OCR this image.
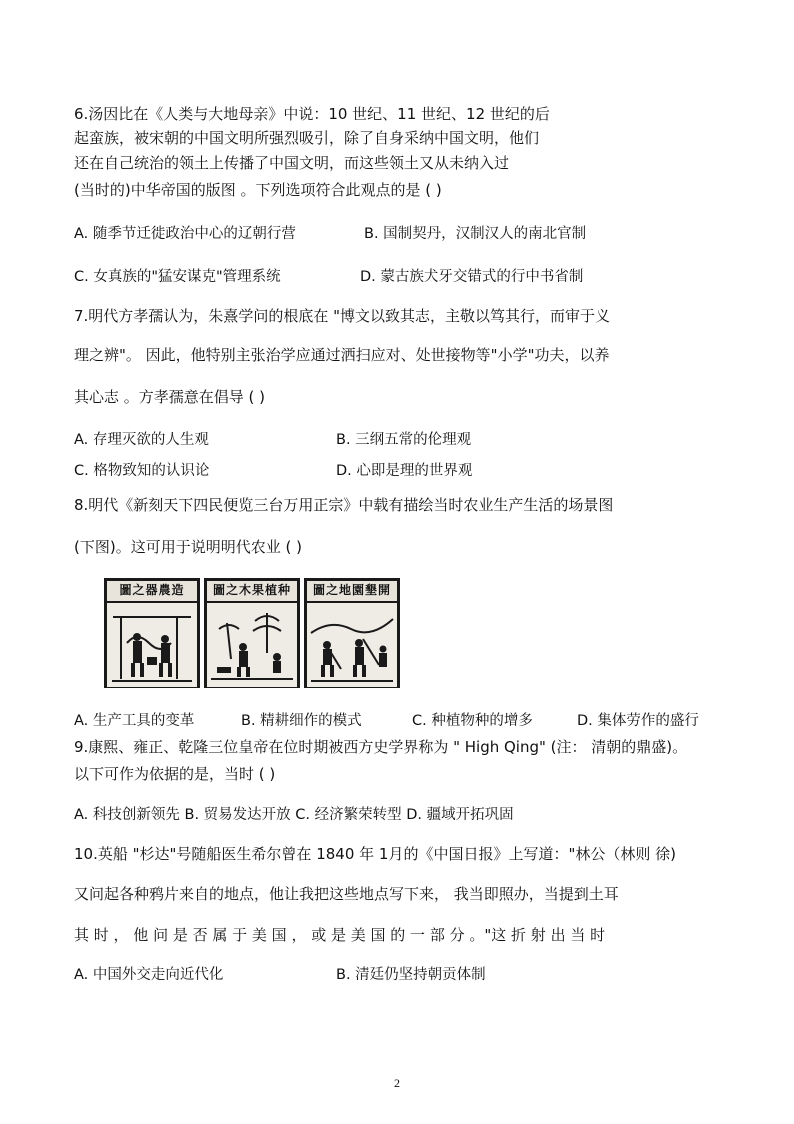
6.汤因比在《人类与大地母亲》中说：10 世纪、11 世纪、12 世纪的后
起蛮族，被宋朝的中国文明所强烈吸引，除了自身采纳中国文明，他们
还在自己统治的领土上传播了中国文明，而这些领土又从未纳入过
(当时的)中华帝国的版图 。下列选项符合此观点的是 ( )
A. 随季节迁徙政治中心的辽朝行营	B. 国制契丹，汉制汉人的南北官制
C. 女真族的"猛安谋克"管理系统	D. 蒙古族犬牙交错式的行中书省制
7.明代方孝孺认为，朱熹学问的根底在 "博文以致其志，主敬以笃其行，而审于义
理之辨"。 因此，他特别主张治学应通过洒扫应对、处世接物等"小学"功夫，以养
其心志 。方孝孺意在倡导 ( )
A. 存理灭欲的人生观	B. 三纲五常的伦理观
C. 格物致知的认识论	D. 心即是理的世界观
8.明代《新刻天下四民便览三台万用正宗》中载有描绘当时农业生产生活的场景图
(下图)。这可用于说明明代农业 ( )
圖之器農造	圖之木果植种	圖之地園墾開
A. 生产工具的变革	B. 精耕细作的模式	C. 种植物种的增多	D. 集体劳作的盛行
9.康熙、雍正、乾隆三位皇帝在位时期被西方史学界称为 " High Qing" (注： 清朝的鼎盛)。
以下可作为依据的是，当时 ( )
A. 科技创新领先 B. 贸易发达开放 C. 经济繁荣转型 D. 疆域开拓巩固
10.英船 "杉达"号随船医生希尔曾在 1840 年 1月的《中国日报》上写道："林公（林则 徐)
又问起各种鸦片来自的地点，他让我把这些地点写下来， 我当即照办，当提到土耳
其 时 ， 他 问 是 否 属 于 美 国 ， 或 是 美 国 的 一 部 分 。"这 折 射 出 当 时
A. 中国外交走向近代化	B. 清廷仍坚持朝贡体制
2
